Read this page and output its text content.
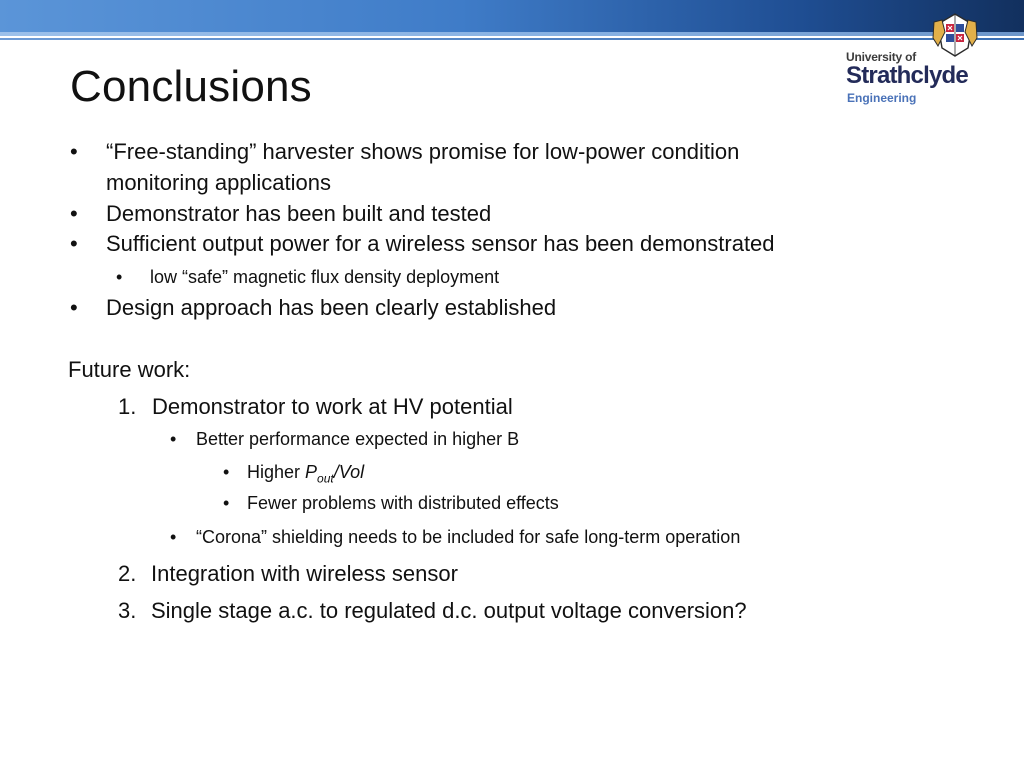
Conclusions
University of
Strathclyde
Engineering
• “Free-standing” harvester shows promise for low-power condition
monitoring applications
• Demonstrator has been built and tested
• Sufficient output power for a wireless sensor has been demonstrated
• low “safe” magnetic flux density deployment
• Design approach has been clearly established
Future work:
1. Demonstrator to work at HV potential
• Better performance expected in higher B
• Higher $P_{out}$/Vol
• Fewer problems with distributed effects
• “Corona” shielding needs to be included for safe long-term operation
2. Integration with wireless sensor
3. Single stage a.c. to regulated d.c. output voltage conversion?
